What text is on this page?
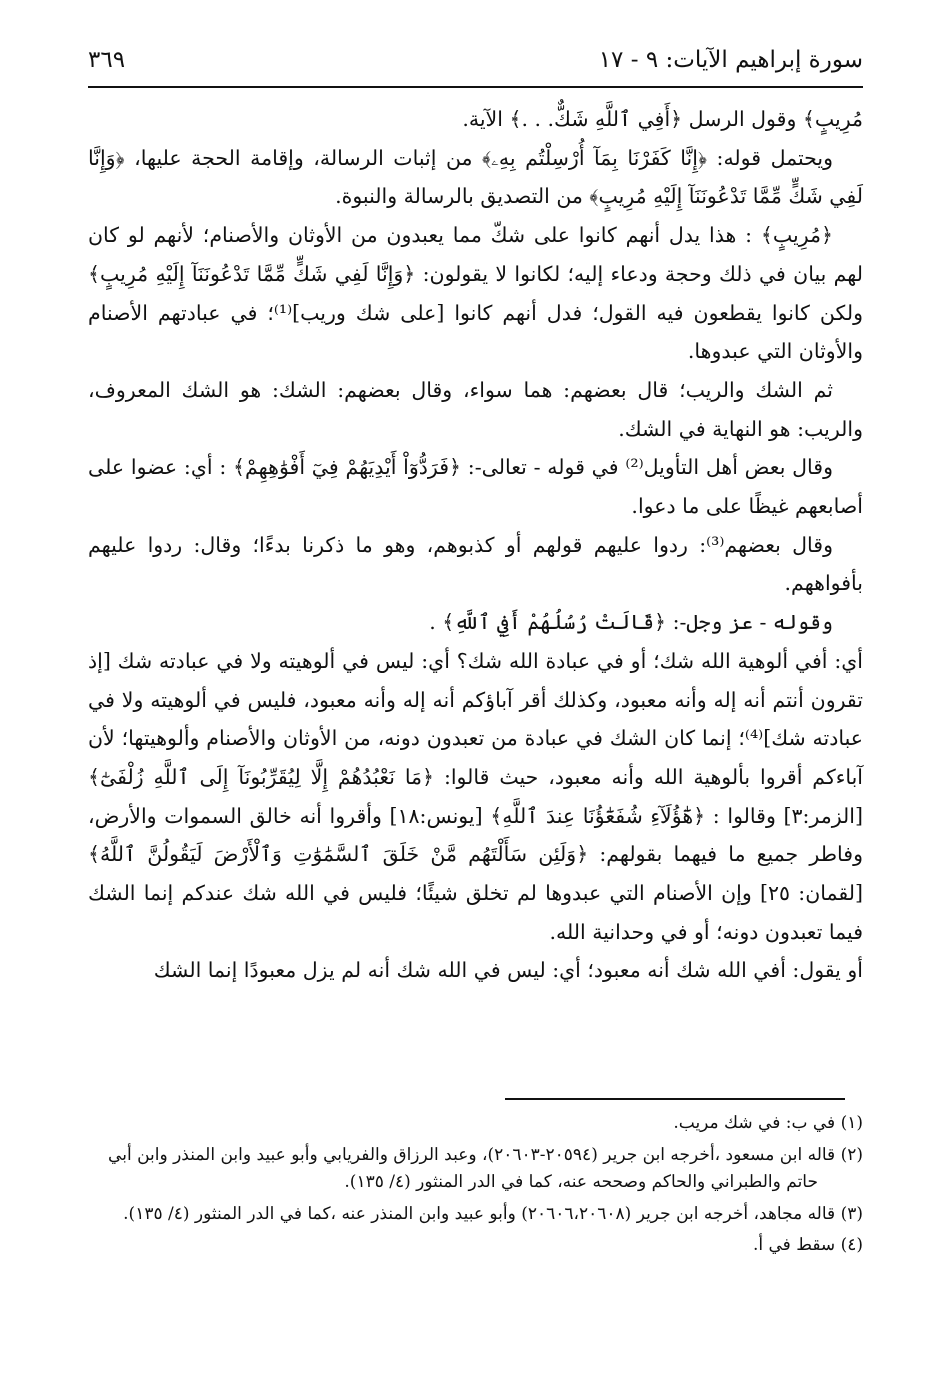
سورة إبراهيم الآيات: ٩ - ١٧
٣٦٩

مُرِيبٍ﴾ وقول الرسل ﴿أَفِي ٱللَّهِ شَكٌّ. . .﴾ الآية.

ويحتمل قوله: ﴿إِنَّا كَفَرْنَا بِمَآ أُرْسِلْتُم بِهِۦ﴾ من إثبات الرسالة، وإقامة الحجة عليها، ﴿وَإِنَّا لَفِي شَكٍّ مِّمَّا تَدْعُونَنَآ إِلَيْهِ مُرِيبٍ﴾ من التصديق بالرسالة والنبوة.

﴿مُرِيبٍ﴾ : هذا يدل أنهم كانوا على شكّ مما يعبدون من الأوثان والأصنام؛ لأنهم لو كان لهم بيان في ذلك وحجة ودعاء إليه؛ لكانوا لا يقولون: ﴿وَإِنَّا لَفِي شَكٍّ مِّمَّا تَدْعُونَنَآ إِلَيْهِ مُرِيبٍ﴾ ولكن كانوا يقطعون فيه القول؛ فدل أنهم كانوا [على شك وريب]⁽¹⁾؛ في عبادتهم الأصنام والأوثان التي عبدوها.

ثم الشك والريب؛ قال بعضهم: هما سواء، وقال بعضهم: الشك: هو الشك المعروف، والريب: هو النهاية في الشك.

وقال بعض أهل التأويل⁽²⁾ في قوله - تعالى-: ﴿فَرَدُّوٓاْ أَيْدِيَهُمْ فِيٓ أَفْوَٰهِهِمْ﴾ : أي: عضوا على أصابعهم غيظًا على ما دعوا.

وقال بعضهم⁽³⁾: ردوا عليهم قولهم أو كذبوهم، وهو ما ذكرنا بدءًا؛ وقال: ردوا عليهم بأفواههم.

وقوله - عز وجل-: ﴿قَالَتْ رُسُلُهُمْ أَفِي ٱللَّهِ﴾ .

أي: أفي ألوهية الله شك؛ أو في عبادة الله شك؟ أي: ليس في ألوهيته ولا في عبادته شك [إذ تقرون أنتم أنه إله وأنه معبود، وكذلك أقر آباؤكم أنه إله وأنه معبود، فليس في ألوهيته ولا في عبادته شك]⁽⁴⁾؛ إنما كان الشك في عبادة من تعبدون دونه، من الأوثان والأصنام وألوهيتها؛ لأن آباءكم أقروا بألوهية الله وأنه معبود، حيث قالوا: ﴿مَا نَعْبُدُهُمْ إِلَّا لِيُقَرِّبُونَآ إِلَى ٱللَّهِ زُلْفَىٰٓ﴾ [الزمر:٣] وقالوا : ﴿هَٰٓؤُلَآءِ شُفَعَٰٓؤُنَا عِندَ ٱللَّهِ﴾ [يونس:١٨] وأقروا أنه خالق السموات والأرض، وفاطر جميع ما فيهما بقولهم: ﴿وَلَئِن سَأَلْتَهُم مَّنْ خَلَقَ ٱلسَّمَٰوَٰتِ وَٱلْأَرْضَ لَيَقُولُنَّ ٱللَّهُ﴾ [لقمان: ٢٥] وإن الأصنام التي عبدوها لم تخلق شيئًا؛ فليس في الله شك عندكم إنما الشك فيما تعبدون دونه؛ أو في وحدانية الله.

أو يقول: أفي الله شك أنه معبود؛ أي: ليس في الله شك أنه لم يزل معبودًا إنما الشك

(١) في ب: في شك مريب.

(٢) قاله ابن مسعود ،أخرجه ابن جرير (٢٠٥٩٤-٢٠٦٠٣)، وعبد الرزاق والفريابي وأبو عبيد وابن المنذر وابن أبي حاتم والطبراني والحاكم وصححه عنه، كما في الدر المنثور (٤/ ١٣٥).

(٣) قاله مجاهد، أخرجه ابن جرير (٢٠٦٠٦،٢٠٦٠٨) وأبو عبيد وابن المنذر عنه ،كما في الدر المنثور (٤/ ١٣٥).

(٤) سقط في أ.
